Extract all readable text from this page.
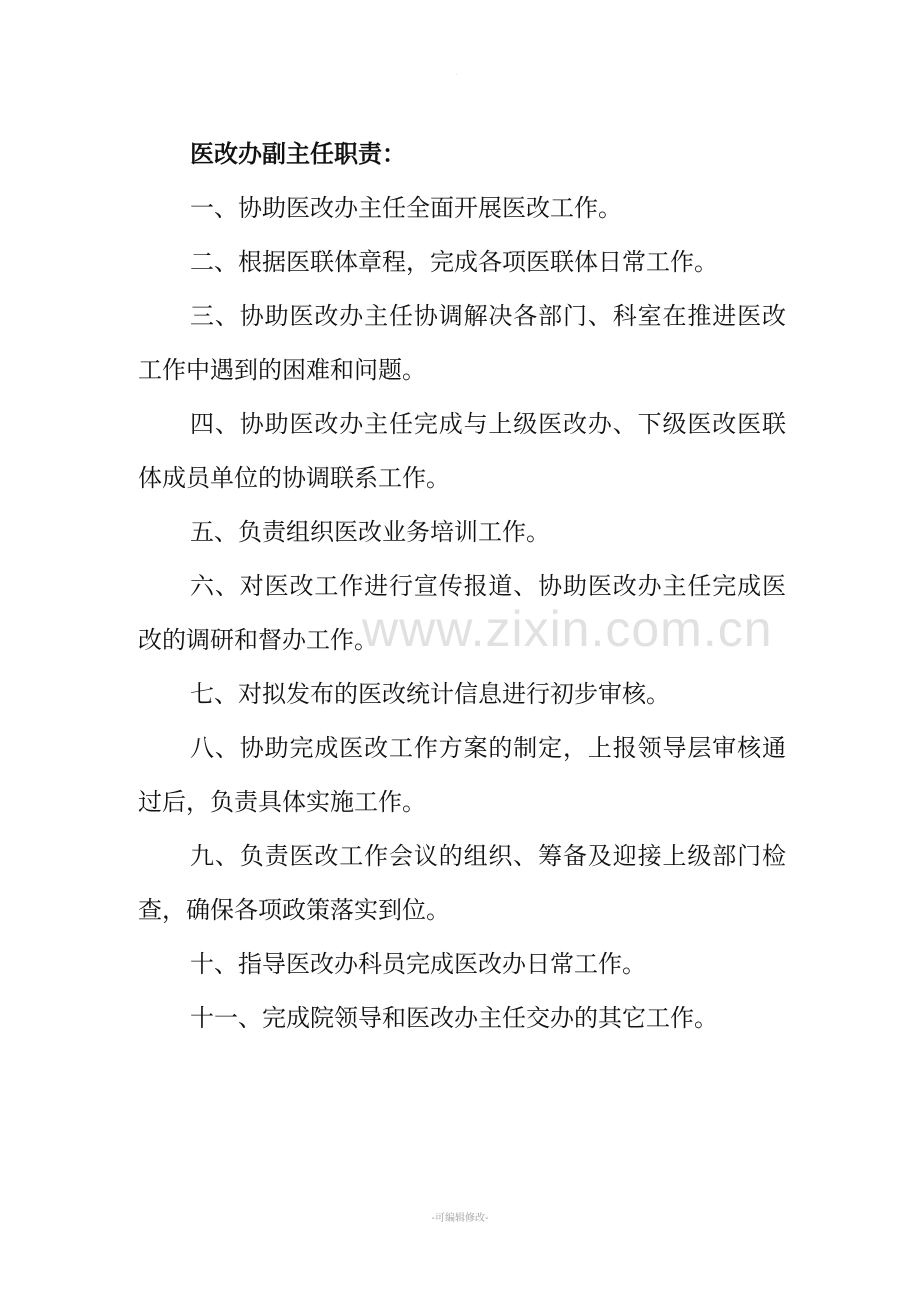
·

医改办副主任职责：

一、协助医改办主任全面开展医改工作。

二、根据医联体章程，完成各项医联体日常工作。

三、协助医改办主任协调解决各部门、科室在推进医改工作中遇到的困难和问题。

四、协助医改办主任完成与上级医改办、下级医改医联体成员单位的协调联系工作。

五、负责组织医改业务培训工作。

六、对医改工作进行宣传报道、协助医改办主任完成医改的调研和督办工作。

七、对拟发布的医改统计信息进行初步审核。

八、协助完成医改工作方案的制定，上报领导层审核通过后，负责具体实施工作。

九、负责医改工作会议的组织、筹备及迎接上级部门检查，确保各项政策落实到位。

十、指导医改办科员完成医改办日常工作。

十一、完成院领导和医改办主任交办的其它工作。

www.zixin.com.cn
-可编辑修改-
